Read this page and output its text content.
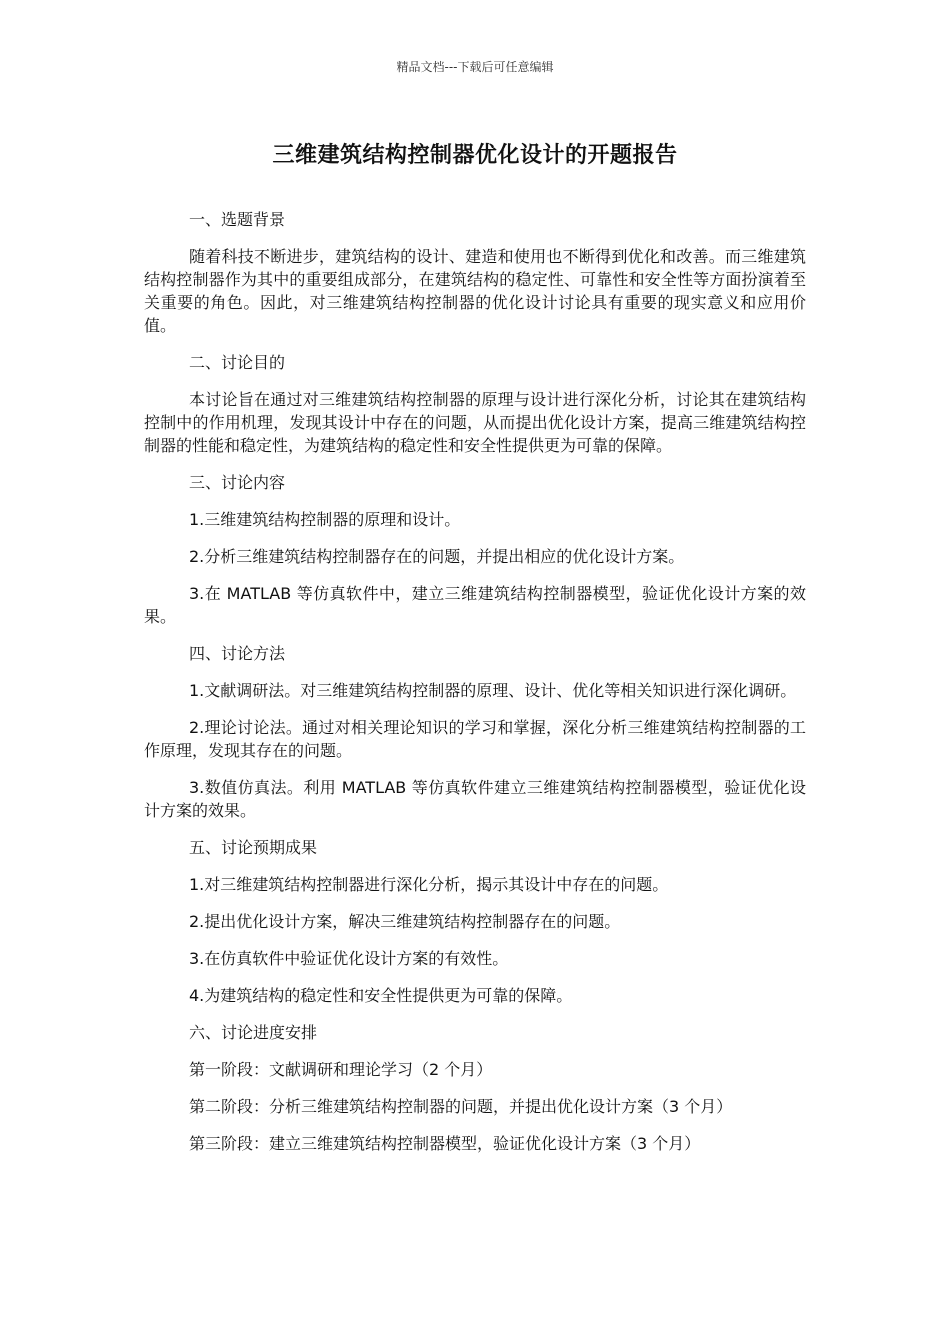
精品文档---下载后可任意编辑
三维建筑结构控制器优化设计的开题报告
一、选题背景
随着科技不断进步，建筑结构的设计、建造和使用也不断得到优化和改善。而三维建筑结构控制器作为其中的重要组成部分，在建筑结构的稳定性、可靠性和安全性等方面扮演着至关重要的角色。因此，对三维建筑结构控制器的优化设计讨论具有重要的现实意义和应用价值。
二、讨论目的
本讨论旨在通过对三维建筑结构控制器的原理与设计进行深化分析，讨论其在建筑结构控制中的作用机理，发现其设计中存在的问题，从而提出优化设计方案，提高三维建筑结构控制器的性能和稳定性，为建筑结构的稳定性和安全性提供更为可靠的保障。
三、讨论内容
1.三维建筑结构控制器的原理和设计。
2.分析三维建筑结构控制器存在的问题，并提出相应的优化设计方案。
3.在 MATLAB 等仿真软件中，建立三维建筑结构控制器模型，验证优化设计方案的效果。
四、讨论方法
1.文献调研法。对三维建筑结构控制器的原理、设计、优化等相关知识进行深化调研。
2.理论讨论法。通过对相关理论知识的学习和掌握，深化分析三维建筑结构控制器的工作原理，发现其存在的问题。
3.数值仿真法。利用 MATLAB 等仿真软件建立三维建筑结构控制器模型，验证优化设计方案的效果。
五、讨论预期成果
1.对三维建筑结构控制器进行深化分析，揭示其设计中存在的问题。
2.提出优化设计方案，解决三维建筑结构控制器存在的问题。
3.在仿真软件中验证优化设计方案的有效性。
4.为建筑结构的稳定性和安全性提供更为可靠的保障。
六、讨论进度安排
第一阶段：文献调研和理论学习（2 个月）
第二阶段：分析三维建筑结构控制器的问题，并提出优化设计方案（3 个月）
第三阶段：建立三维建筑结构控制器模型，验证优化设计方案（3 个月）
